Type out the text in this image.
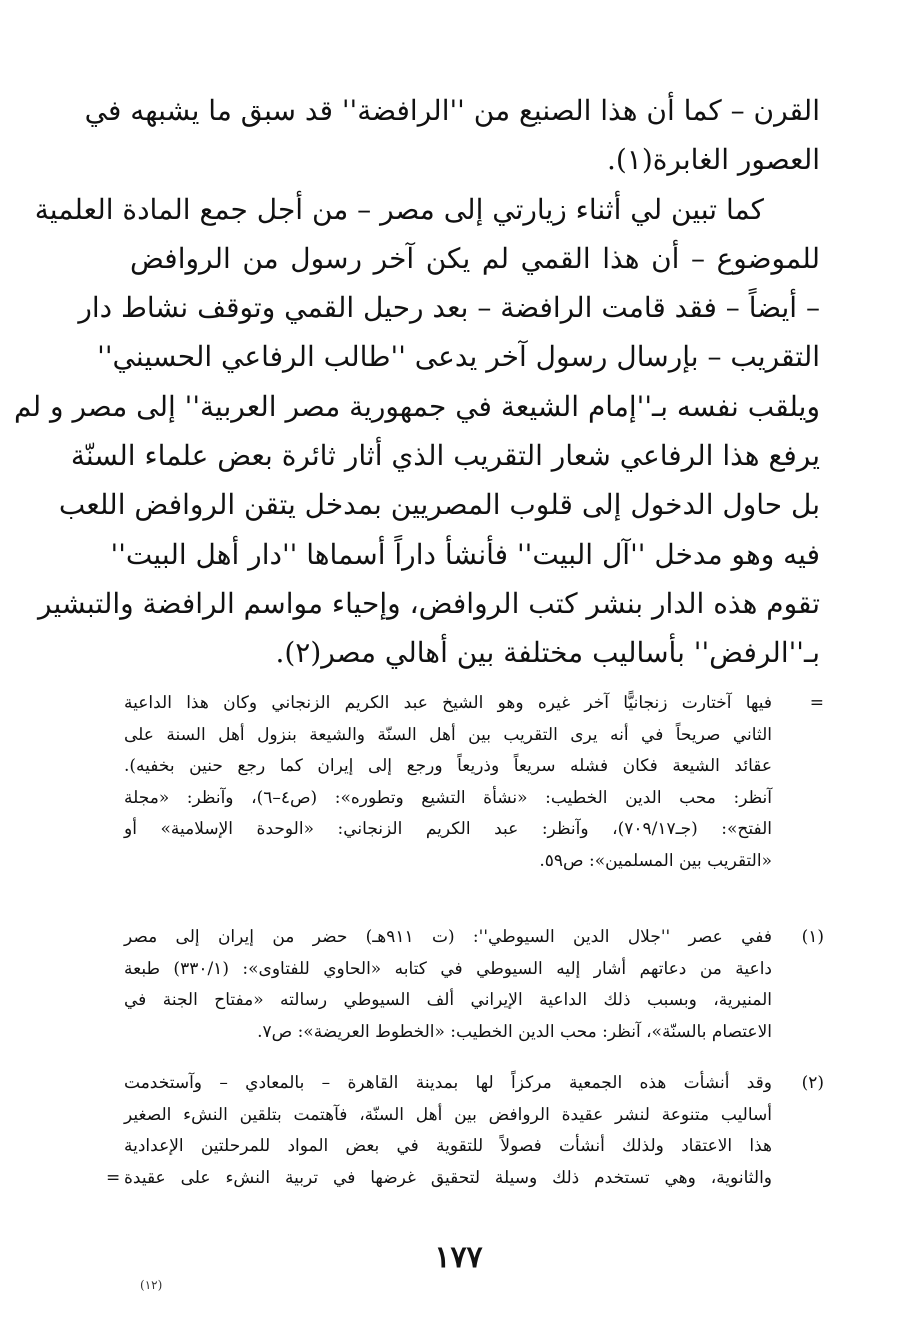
القرن – كما أن هذا الصنيع من ''الرافضة'' قد سبق ما يشبهه في
العصور الغابرة(١).
كما تبين لي أثناء زيارتي إلى مصر – من أجل جمع المادة العلمية
للموضوع – أن هذا القمي لم يكن آخر رسول من الروافض
– أيضاً – فقد قامت الرافضة – بعد رحيل القمي وتوقف نشاط دار
التقريب – بإرسال رسول آخر يدعى ''طالب الرفاعي الحسيني''
ويلقب نفسه بـ''إمام الشيعة في جمهورية مصر العربية'' إلى مصر و لم
يرفع هذا الرفاعي شعار التقريب الذي أثار ثائرة بعض علماء السنّة
بل حاول الدخول إلى قلوب المصريين بمدخل يتقن الروافض اللعب
فيه وهو مدخل ''آل البيت'' فأنشأ داراً أسماها ''دار أهل البيت''
تقوم هذه الدار بنشر كتب الروافض، وإحياء مواسم الرافضة والتبشير
بـ''الرفض'' بأساليب مختلفة بين أهالي مصر(٢).
=
فيها آختارت زنجانيًّا آخر غيره وهو الشيخ عبد الكريم الزنجاني وكان هذا الداعية
الثاني صريحاً في أنه يرى التقريب بين أهل السنّة والشيعة بنزول أهل السنة على
عقائد الشيعة فكان فشله سريعاً وذريعاً ورجع إلى إيران كما رجع حنين بخفيه).
آنظر: محب الدين الخطيب: «نشأة التشيع وتطوره»: (ص٤–٦)، وآنظر: «مجلة
الفتح»: (جـ٧٠٩/١٧)، وآنظر: عبد الكريم الزنجاني: «الوحدة الإسلامية» أو
«التقريب بين المسلمين»: ص٥٩.
(١)
ففي عصر ''جلال الدين السيوطي'': (ت ٩١١هـ) حضر من إيران إلى مصر
داعية من دعاتهم أشار إليه السيوطي في كتابه «الحاوي للفتاوى»: (٣٣٠/١) طبعة
المنيرية، وبسبب ذلك الداعية الإيراني ألف السيوطي رسالته «مفتاح الجنة في
الاعتصام بالسنّة»، آنظر: محب الدين الخطيب: «الخطوط العريضة»: ص٧.
(٢)
وقد أنشأت هذه الجمعية مركزاً لها بمدينة القاهرة – بالمعادي – وآستخدمت
أساليب متنوعة لنشر عقيدة الروافض بين أهل السنّة، فآهتمت بتلقين النشء الصغير
هذا الاعتقاد ولذلك أنشأت فصولاً للتقوية في بعض المواد للمرحلتين الإعدادية
والثانوية، وهي تستخدم ذلك وسيلة لتحقيق غرضها في تربية النشء على عقيدة
=
١٧٧
(١٢)
